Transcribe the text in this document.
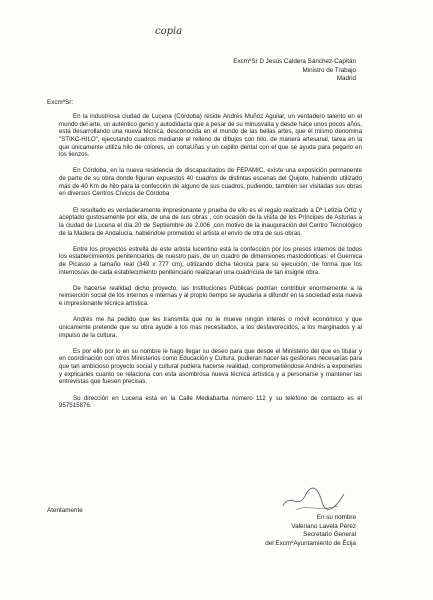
copia
ExcmºSr D Jesús Caldera Sánchez-Capitán
Ministro de Trabajo
Madrid
ExcmºSr:

En la industriosa ciudad de Lucena (Córdoba) reside Andrés Muñoz Aguilar, un verdadero talento en el mundo del arte, un auténtico genio y autodidacta que a pesar de su minusvalía y desde hace unos pocos años, está desarrollando una nueva técnica, desconocida en el mundo de las bellas artes, que él mismo denomina "STIKC-HILO", ejecutando cuadros mediante el relleno de dibujos con hilo, de manera artesanal, tarea en la que únicamente utiliza hilo de colores, un cortaUñas y un cepillo dental con el que se ayuda para pegarlo en los lienzos.

En Córdoba, en la nueva residencia de discapacitados de FEPAMIC, existe una exposición permanente de parte de su obra donde figuran expuestos 40 cuadros de distintas escenas del Quijote, habiendo utilizado más de 40 Km de hilo para la confección de alguno de sus cuadros, pudiendo, también ser visitadas sus obras en diversos Centros Cívicos de Córdoba

El resultado es verdaderamente impresionante y prueba de ello es el regalo realizado a Dª Letizia Ortiz y aceptado gustosamente por ella, de una de sus obras , con ocasión de la visita de los Príncipes de Asturias a la ciudad de Lucena el día 20 de Septiembre de 2.006 ,con motivo de la inauguración del Centro Tecnológico de la Madera de Andalucía, habiéndole prometido el artista el envío de otra de sus obras.

Entre los proyectos estrella de este artista lucentino está la confección por los presos internos de todos los establecimientos penitenciarios de nuestro país, de un cuadro de dimensiones mastodónticas: el Guernica de Picasso a tamaño real (349 x 777 cm), utilizando dicha técnica para su ejecución, de forma que los internos/as de cada establecimiento penitenciario realizaran una cuadrícula de tan insigne obra.

De hacerse realidad dicho proyecto, las Instituciones Públicas podrían contribuir enormemente a la reinserción social de los internos e internas y al propio tiempo se ayudaría a difundir en la sociedad esta nueva e impresionante técnica artística.

Andrés me ha pedido que les transmita que no le mueve ningún interés o móvil económico y que únicamente pretende que su obra ayude a los mas necesitados, a los desfavorecidos, a los marginados y al impulso de la cultura.

Es por ello por lo en su nombre le hago llegar su deseo para que desde el Ministerio del que es titular y en coordinación con otros Ministerios como Educación y Cultura, pudieran hacer las gestiones necesarias para que tan ambicioso proyecto social y cultural pudiera hacerse realidad, comprometiéndose Andrés a exponerles y explicarles cuanto se relaciona con esta asombrosa nueva técnica artística y a personarse y mantener las entrevistas que fuesen precisas.

Su dirección en Lucena está en la Calle Mediabarba número 112 y su teléfono de contacto es el 957515876.

Atentamente
En su nombre
Valeriano Lavela Pérez
Secretario General
del ExcmºAyuntamiento de Écija
